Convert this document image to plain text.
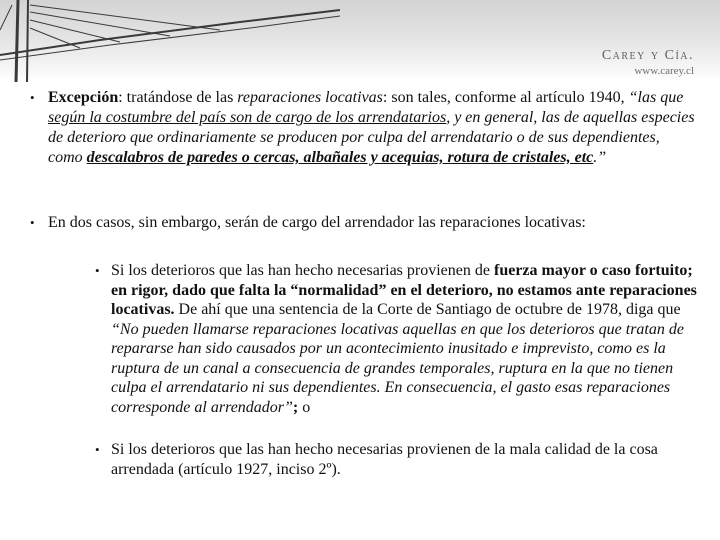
Carey y Cía.
www.carey.cl
• Excepción: tratándose de las reparaciones locativas: son tales, conforme al artículo 1940, “las que según la costumbre del país son de cargo de los arrendatarios, y en general, las de aquellas especies de deterioro que ordinariamente se producen por culpa del arrendatario o de sus dependientes, como descalabros de paredes o cercas, albañales y acequias, rotura de cristales, etc.”
• En dos casos, sin embargo, serán de cargo del arrendador las reparaciones locativas:
• Si los deterioros que las han hecho necesarias provienen de fuerza mayor o caso fortuito; en rigor, dado que falta la “normalidad” en el deterioro, no estamos ante reparaciones locativas. De ahí que una sentencia de la Corte de Santiago de octubre de 1978, diga que “No pueden llamarse reparaciones locativas aquellas en que los deterioros que tratan de repararse han sido causados por un acontecimiento inusitado e imprevisto, como es la ruptura de un canal a consecuencia de grandes temporales, ruptura en la que no tienen culpa el arrendatario ni sus dependientes. En consecuencia, el gasto esas reparaciones corresponde al arrendador”; o
• Si los deterioros que las han hecho necesarias provienen de la mala calidad de la cosa arrendada (artículo 1927, inciso 2º).
